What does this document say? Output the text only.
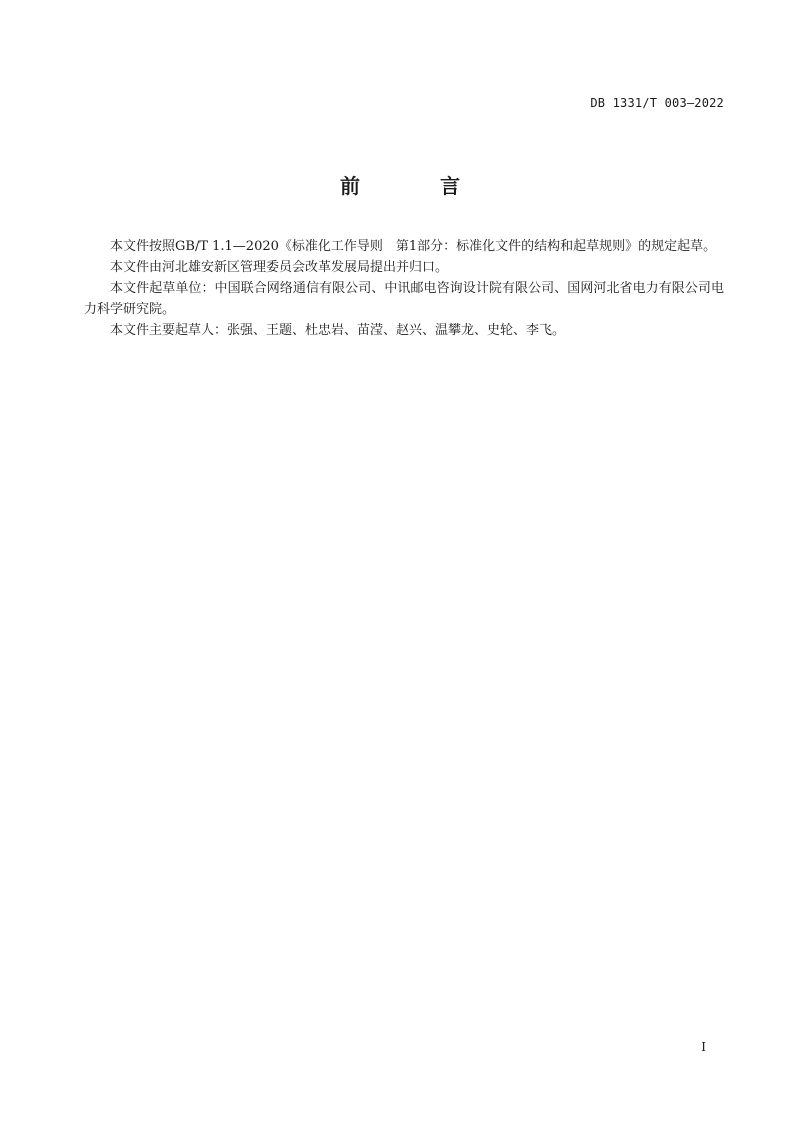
DB 1331/T 003—2022
前　言

本文件按照GB/T 1.1—2020《标准化工作导则　第1部分：标准化文件的结构和起草规则》的规定起草。

本文件由河北雄安新区管理委员会改革发展局提出并归口。

本文件起草单位：中国联合网络通信有限公司、中讯邮电咨询设计院有限公司、国网河北省电力有限公司电力科学研究院。

本文件主要起草人：张强、王题、杜忠岩、苗滢、赵兴、温攀龙、史轮、李飞。

I
